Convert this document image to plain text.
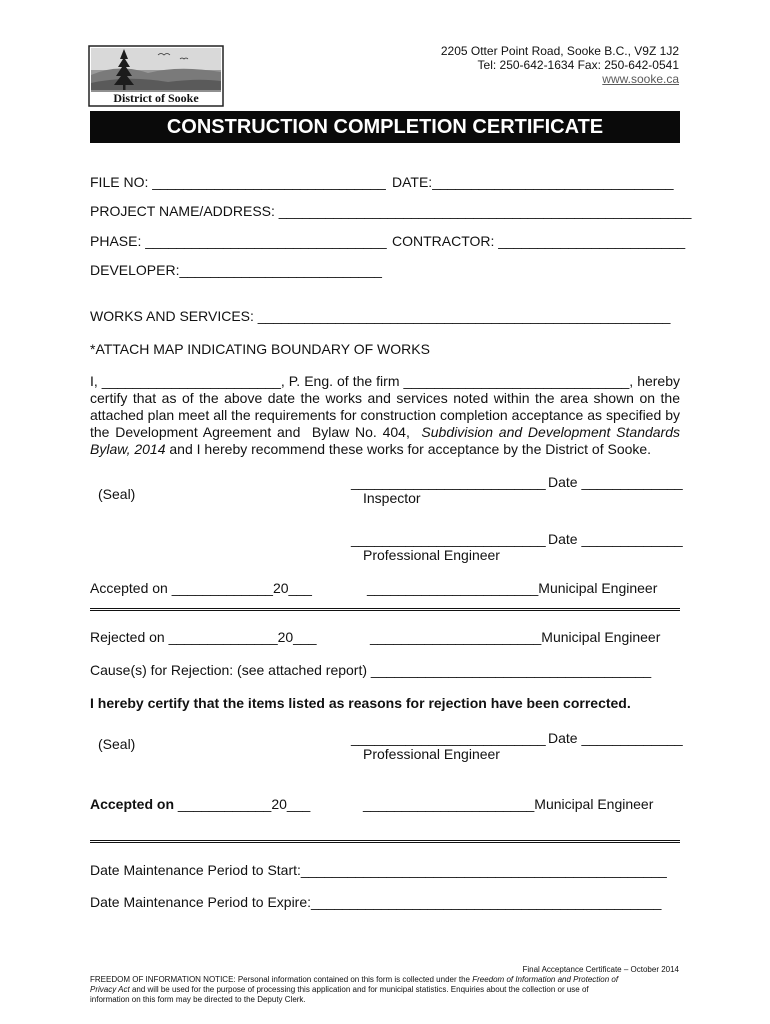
District of Sooke
2205 Otter Point Road, Sooke B.C., V9Z 1J2
Tel: 250-642-1634 Fax: 250-642-0541
www.sooke.ca
CONSTRUCTION COMPLETION CERTIFICATE
FILE NO: ______________________________ DATE:_______________________________
PROJECT NAME/ADDRESS: _____________________________________________________
PHASE: _______________________________ CONTRACTOR: ________________________
DEVELOPER:__________________________
WORKS AND SERVICES: _____________________________________________________
*ATTACH MAP INDICATING BOUNDARY OF WORKS
I, _______________________, P. Eng. of the firm _____________________________, hereby
certify that as of the above date the works and services noted within the area shown on the
attached plan meet all the requirements for construction completion acceptance as specified by
the Development Agreement and  Bylaw No. 404,  Subdivision and Development Standards
Bylaw, 2014 and I hereby recommend these works for acceptance by the District of Sooke.
(Seal)
_________________________ Date _____________
Inspector
_________________________ Date _____________
Professional Engineer
Accepted on _____________20___	______________________Municipal Engineer
Rejected on ______________20___	______________________Municipal Engineer
Cause(s) for Rejection: (see attached report) ____________________________________
I hereby certify that the items listed as reasons for rejection have been corrected.
(Seal)	_________________________ Date _____________
Professional Engineer
Accepted on ____________20___	______________________Municipal Engineer
Date Maintenance Period to Start:_______________________________________________
Date Maintenance Period to Expire:_____________________________________________
Final Acceptance Certificate – October 2014
FREEDOM OF INFORMATION NOTICE: Personal information contained on this form is collected under the Freedom of Information and Protection of
Privacy Act and will be used for the purpose of processing this application and for municipal statistics. Enquiries about the collection or use of
information on this form may be directed to the Deputy Clerk.
